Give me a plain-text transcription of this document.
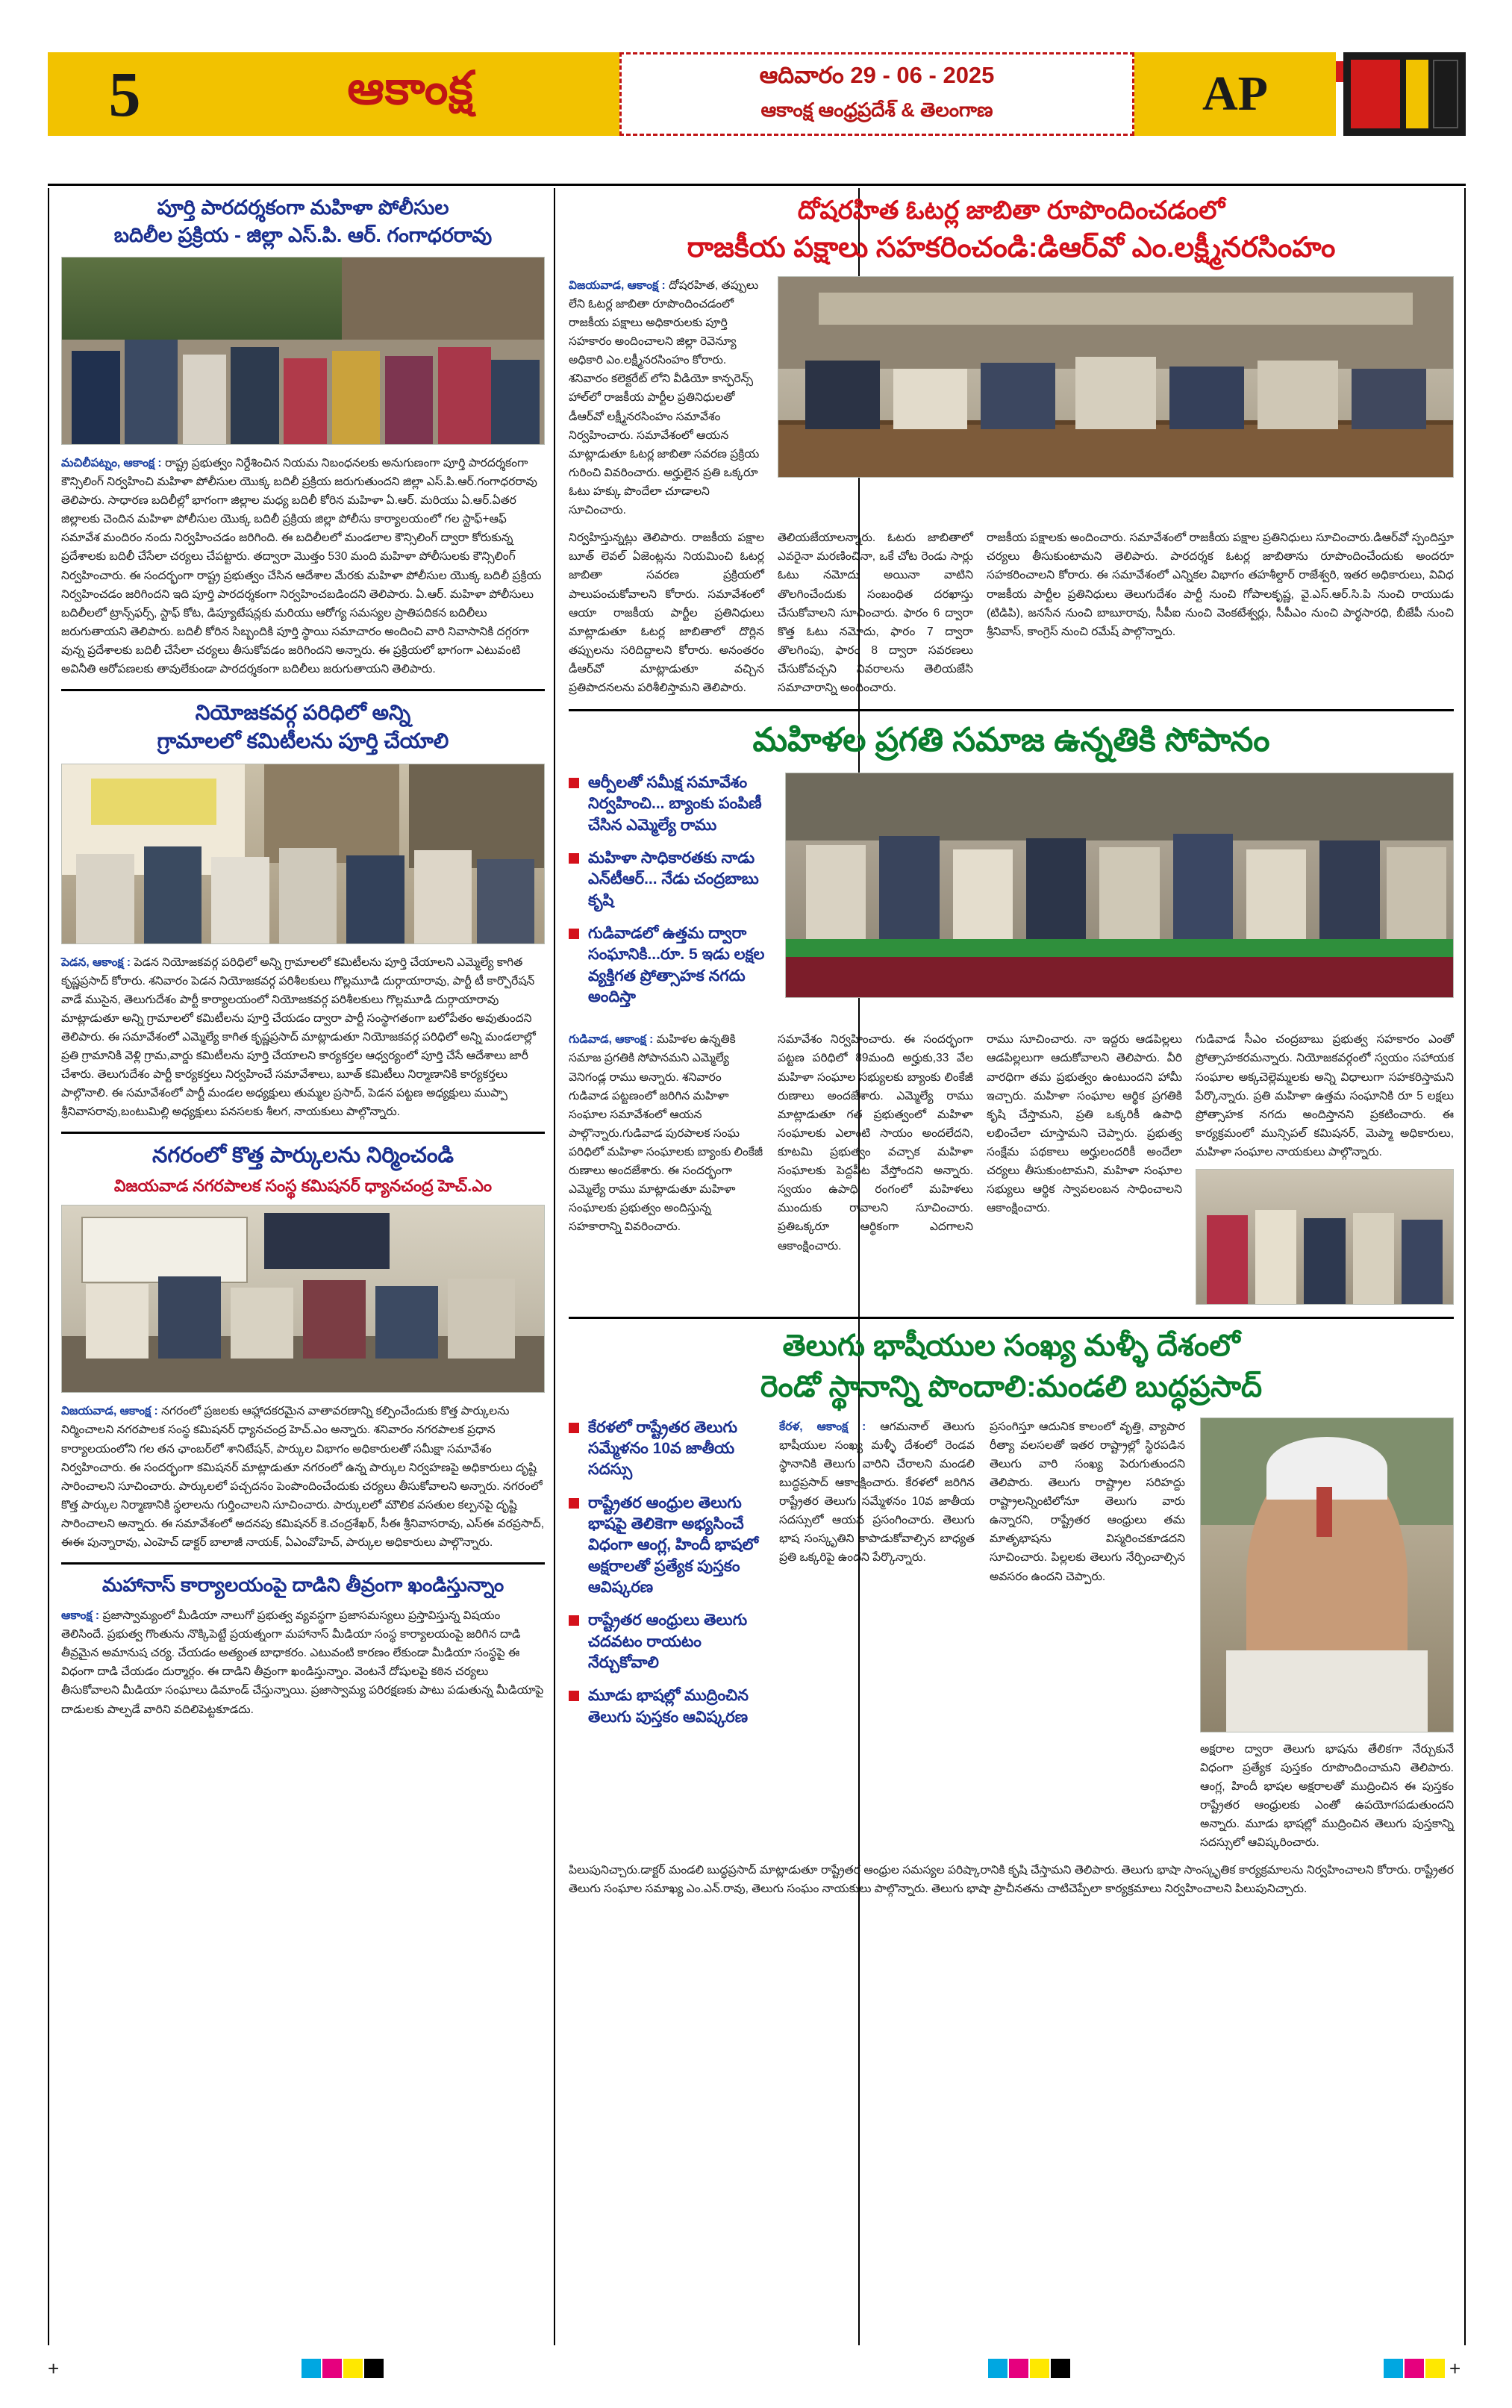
5	ఆకాంక్ష	ఆదివారం 29 - 06 - 2025
ఆకాంక్ష ఆంధ్రప్రదేశ్ & తెలంగాణ	AP
పూర్తి పారదర్శకంగా మహిళా పోలీసుల
బదిలీల ప్రక్రియ - జిల్లా ఎస్‌.పి. ఆర్. గంగాధరరావు
మచిలీపట్నం, ఆకాంక్ష : రాష్ట్ర ప్రభుత్వం నిర్దేశించిన నియమ నిబంధనలకు అనుగుణంగా పూర్తి పారదర్శకంగా కౌన్సిలింగ్ నిర్వహించి మహిళా పోలీసుల యొక్క బదిలీ ప్రక్రియ జరుగుతుందని జిల్లా ఎస్‌.పి.ఆర్.గంగాధరరావు తెలిపారు. సాధారణ బదిలీల్లో భాగంగా జిల్లాల మధ్య బదిలీ కోరిన మహిళా ఏ.ఆర్. మరియు ఏ.ఆర్.ఏతర జిల్లాలకు చెందిన మహిళా పోలీసుల యొక్క బదిలీ ప్రక్రియ జిల్లా పోలీసు కార్యాలయంలో గల స్టాఫ్+ఆఫ్ సమావేశ మందిరం నందు నిర్వహించడం జరిగింది. ఈ బదిలీలలో మండలాల కౌన్సిలింగ్ ద్వారా కోరుకున్న ప్రదేశాలకు బదిలీ చేసేలా చర్యలు చేపట్టారు. తద్వారా మొత్తం 530 మంది మహిళా పోలీసులకు కౌన్సిలింగ్ నిర్వహించారు. ఈ సందర్భంగా రాష్ట్ర ప్రభుత్వం చేసిన ఆదేశాల మేరకు మహిళా పోలీసుల యొక్క బదిలీ ప్రక్రియ నిర్వహించడం జరిగిందని ఇది పూర్తి పారదర్శకంగా నిర్వహించబడిందని తెలిపారు. ఏ.ఆర్. మహిళా పోలీసులు బదిలీలలో ట్రాన్స్‌ఫర్స్, స్టాఫ్‌ కోట, డిప్యూటేషన్లకు మరియు ఆరోగ్య సమస్యల ప్రాతిపదికన బదిలీలు జరుగుతాయని తెలిపారు. బదిలీ కోరిన సిబ్బందికి పూర్తి స్థాయి సమాచారం అందించి వారి నివాసానికి దగ్గరగా వున్న ప్రదేశాలకు బదిలీ చేసేలా చర్యలు తీసుకోవడం జరిగిందని అన్నారు. ఈ ప్రక్రియలో భాగంగా ఎటువంటి అవినీతి ఆరోపణలకు తావులేకుండా పారదర్శకంగా బదిలీలు జరుగుతాయని తెలిపారు.
నియోజకవర్గ పరిధిలో అన్ని
గ్రామాలలో కమిటీలను పూర్తి చేయాలి
పెడన, ఆకాంక్ష : పెడన నియోజకవర్గ పరిధిలో అన్ని గ్రామాలలో కమిటీలను పూర్తి చేయాలని ఎమ్మెల్యే కాగిత కృష్ణప్రసాద్ కోరారు. శనివారం పెడన నియోజకవర్గ పరిశీలకులు గొల్లమూడి దుర్గాయారావు, పార్టీ టీ కార్పొరేషన్ వాడే ముసైన, తెలుగుదేశం పార్టీ కార్యాలయంలో నియోజకవర్గ పరిశీలకులు గొల్లమూడి దుర్గాయారావు మాట్లాడుతూ అన్ని గ్రామాలలో కమిటీలను పూర్తి చేయడం ద్వారా పార్టీ సంస్థాగతంగా బలోపేతం అవుతుందని తెలిపారు. ఈ సమావేశంలో ఎమ్మెల్యే కాగిత కృష్ణప్రసాద్ మాట్లాడుతూ నియోజకవర్గ పరిధిలో అన్ని మండలాల్లో ప్రతి గ్రామానికి వెళ్లి గ్రామ,వార్డు కమిటీలను పూర్తి చేయాలని కార్యకర్తల ఆధ్వర్యంలో పూర్తి చేసే ఆదేశాలు జారీ చేశారు. తెలుగుదేశం పార్టీ కార్యకర్తలు నిర్వహించే సమావేశాలు, బూత్ కమిటీలు నిర్మాణానికి కార్యకర్తలు పాల్గొనాలి. ఈ సమావేశంలో పార్టీ మండల అధ్యక్షులు తుమ్మల ప్రసాద్, పెడన పట్టణ అధ్యక్షులు ముప్పా శ్రీనివాసరావు,బంటుమిల్లి అధ్యక్షులు పనసలకు శీలగ, నాయకులు పాల్గొన్నారు.
నగరంలో కొత్త పార్కులను నిర్మించండి
విజయవాడ నగరపాలక సంస్థ కమిషనర్ ధ్యానచంద్ర హెచ్.ఎం
విజయవాడ, ఆకాంక్ష : నగరంలో ప్రజలకు ఆహ్లాదకరమైన వాతావరణాన్ని కల్పించేందుకు కొత్త పార్కులను నిర్మించాలని నగరపాలక సంస్థ కమిషనర్ ధ్యానచంద్ర హెచ్.ఎం అన్నారు. శనివారం నగరపాలక ప్రధాన కార్యాలయంలోని గల తన ఛాంబర్‌లో శానిటేషన్, పార్కుల విభాగం అధికారులతో సమీక్షా సమావేశం నిర్వహించారు. ఈ సందర్భంగా కమిషనర్ మాట్లాడుతూ నగరంలో ఉన్న పార్కుల నిర్వహణపై అధికారులు దృష్టి సారించాలని సూచించారు. పార్కులలో పచ్చదనం పెంపొందించేందుకు చర్యలు తీసుకోవాలని అన్నారు. నగరంలో కొత్త పార్కుల నిర్మాణానికి స్థలాలను గుర్తించాలని సూచించారు. పార్కులలో మౌలిక వసతుల కల్పనపై దృష్టి సారించాలని అన్నారు. ఈ సమావేశంలో అదనపు కమిషనర్ కె.చంద్రశేఖర్, సీఈ శ్రీనివాసరావు, ఎస్‌ఈ వరప్రసాద్, ఈఈ పున్నారావు, ఎంహెచ్ డాక్టర్ బాలాజీ నాయక్, ఏఎంవోహెచ్, పార్కుల అధికారులు పాల్గొన్నారు.
మహానాస్ కార్యాలయంపై దాడిని తీవ్రంగా ఖండిస్తున్నాం
ఆకాంక్ష : ప్రజాస్వామ్యంలో మీడియా నాలుగో ప్రభుత్వ వ్యవస్థగా ప్రజాసమస్యలు ప్రస్తావిస్తున్న విషయం తెలిసిందే. ప్రభుత్వ గొంతును నొక్కిపెట్టే ప్రయత్నంగా మహానాస్ మీడియా సంస్థ కార్యాలయంపై జరిగిన దాడి తీవ్రమైన అమానుష చర్య. చేయడం అత్యంత బాధాకరం. ఎటువంటి కారణం లేకుండా మీడియా సంస్థపై ఈ విధంగా దాడి చేయడం దుర్మార్గం. ఈ దాడిని తీవ్రంగా ఖండిస్తున్నాం. వెంటనే దోషులపై కఠిన చర్యలు తీసుకోవాలని మీడియా సంఘాలు డిమాండ్ చేస్తున్నాయి. ప్రజాస్వామ్య పరిరక్షణకు పాటు పడుతున్న మీడియాపై దాడులకు పాల్పడే వారిని వదిలిపెట్టకూడదు.
దోషరహిత ఓటర్ల జాబితా రూపొందించడంలో
రాజకీయ పక్షాలు సహకరించండి:డిఆర్‌వో ఎం.లక్ష్మీనరసింహం
విజయవాడ, ఆకాంక్ష : దోషరహిత, తప్పులు లేని ఓటర్ల జాబితా రూపొందించడంలో రాజకీయ పక్షాలు అధికారులకు పూర్తి సహకారం అందించాలని జిల్లా రెవెన్యూ అధికారి ఎం.లక్ష్మీనరసింహం కోరారు. శనివారం కలెక్టరేట్ లోని వీడియో కాన్ఫరెన్స్ హాల్‌లో రాజకీయ పార్టీల ప్రతినిధులతో డీఆర్‌వో లక్ష్మీనరసింహం సమావేశం నిర్వహించారు. సమావేశంలో ఆయన మాట్లాడుతూ ఓటర్ల జాబితా సవరణ ప్రక్రియ గురించి వివరించారు. అర్హులైన ప్రతి ఒక్కరూ ఓటు హక్కు పొందేలా చూడాలని సూచించారు.
నిర్వహిస్తున్నట్లు తెలిపారు. రాజకీయ పక్షాల బూత్ లెవల్ ఏజెంట్లను నియమించి ఓటర్ల జాబితా సవరణ ప్రక్రియలో పాలుపంచుకోవాలని కోరారు. సమావేశంలో ఆయా రాజకీయ పార్టీల ప్రతినిధులు మాట్లాడుతూ ఓటర్ల జాబితాలో దొర్లిన తప్పులను సరిదిద్దాలని కోరారు. అనంతరం డీఆర్‌వో మాట్లాడుతూ వచ్చిన ప్రతిపాదనలను పరిశీలిస్తామని తెలిపారు.
తెలియజేయాలన్నారు. ఓటరు జాబితాలో ఎవరైనా మరణించినా, ఒకే చోట రెండు సార్లు ఓటు నమోదు అయినా వాటిని తొలగించేందుకు సంబంధిత దరఖాస్తు చేసుకోవాలని సూచించారు. ఫారం 6 ద్వారా కొత్త ఓటు నమోదు, ఫారం 7 ద్వారా తొలగింపు, ఫారం 8 ద్వారా సవరణలు చేసుకోవచ్చని వివరాలను తెలియజేసి సమాచారాన్ని అందించారు.
రాజకీయ పక్షాలకు అందించారు. సమావేశంలో రాజకీయ పక్షాల ప్రతినిధులు సూచించారు.డిఆర్‌వో స్పందిస్తూ చర్యలు తీసుకుంటామని తెలిపారు. పారదర్శక ఓటర్ల జాబితాను రూపొందించేందుకు అందరూ సహకరించాలని కోరారు. ఈ సమావేశంలో ఎన్నికల విభాగం తహశీల్దార్ రాజేశ్వరి, ఇతర అధికారులు, వివిధ రాజకీయ పార్టీల ప్రతినిధులు తెలుగుదేశం పార్టీ నుంచి గోపాలకృష్ణ, వై.ఎస్.ఆర్.సి.పి నుంచి రాయుడు (టిడిపి), జనసేన నుంచి బాబూరావు, సీపీఐ నుంచి వెంకటేశ్వర్లు, సీపీఎం నుంచి పార్థసారధి, బీజేపీ నుంచి శ్రీనివాస్, కాంగ్రెస్ నుంచి రమేష్ పాల్గొన్నారు.
మహిళల ప్రగతి సమాజ ఉన్నతికి సోపానం
ఆర్పీలతో సమీక్ష సమావేశం నిర్వహించి... బ్యాంకు పంపిణీ చేసిన ఎమ్మెల్యే రాము
మహిళా సాధికారతకు నాడు ఎన్‌టీఆర్... నేడు చంద్రబాబు కృషి
గుడివాడలో ఉత్తమ ద్వారా సంఘానికి...రూ. 5 ఇడు లక్షల వ్యక్తిగత ప్రోత్సాహక నగదు అందిస్తా
గుడివాడ, ఆకాంక్ష : మహిళల ఉన్నతికి సమాజ ప్రగతికి సోపానమని ఎమ్మెల్యే వెనిగండ్ల రాము అన్నారు. శనివారం గుడివాడ పట్టణంలో జరిగిన మహిళా సంఘాల సమావేశంలో ఆయన పాల్గొన్నారు.గుడివాడ పురపాలక సంఘ పరిధిలో మహిళా సంఘాలకు బ్యాంకు లింకేజీ రుణాలు అందజేశారు. ఈ సందర్భంగా ఎమ్మెల్యే రాము మాట్లాడుతూ మహిళా సంఘాలకు ప్రభుత్వం అందిస్తున్న సహకారాన్ని వివరించారు.
సమావేశం నిర్వహించారు. ఈ సందర్భంగా పట్టణ పరిధిలో 89మంది అర్హుకు,33 వేల మహిళా సంఘాల సభ్యులకు బ్యాంకు లింకేజీ రుణాలు అందజేశారు. ఎమ్మెల్యే రాము మాట్లాడుతూ గత ప్రభుత్వంలో మహిళా సంఘాలకు ఎలాంటి సాయం అందలేదని, కూటమి ప్రభుత్వం వచ్చాక మహిళా సంఘాలకు పెద్దపీట వేస్తోందని అన్నారు. స్వయం ఉపాధి రంగంలో మహిళలు ముందుకు రావాలని సూచించారు. ప్రతిఒక్కరూ ఆర్థికంగా ఎదగాలని ఆకాంక్షించారు.
రాము సూచించారు. నా ఇద్దరు ఆడపిల్లలు ఆడపిల్లలుగా ఆదుకోవాలని తెలిపారు. వీరి వారధిగా తమ ప్రభుత్వం ఉంటుందని హామీ ఇచ్చారు. మహిళా సంఘాల ఆర్థిక ప్రగతికి కృషి చేస్తామని, ప్రతి ఒక్కరికీ ఉపాధి లభించేలా చూస్తామని చెప్పారు. ప్రభుత్వ సంక్షేమ పథకాలు అర్హులందరికీ అందేలా చర్యలు తీసుకుంటామని, మహిళా సంఘాల సభ్యులు ఆర్థిక స్వావలంబన సాధించాలని ఆకాంక్షించారు.
గుడివాడ సీఎం చంద్రబాబు ప్రభుత్వ సహకారం ఎంతో ప్రోత్సాహకరమన్నారు. నియోజకవర్గంలో స్వయం సహాయక సంఘాల అక్కచెల్లెమ్మలకు అన్ని విధాలుగా సహకరిస్తామని పేర్కొన్నారు. ప్రతి మహిళా ఉత్తమ సంఘానికి రూ 5 లక్షలు ప్రోత్సాహక నగదు అందిస్తానని ప్రకటించారు. ఈ కార్యక్రమంలో మున్సిపల్ కమిషనర్, మెప్మా అధికారులు, మహిళా సంఘాల నాయకులు పాల్గొన్నారు.
తెలుగు భాషీయుల సంఖ్య మళ్ళీ దేశంలో
రెండో స్థానాన్ని పొందాలి:మండలి బుద్ధప్రసాద్
కేరళలో రాష్ట్రేతర తెలుగు సమ్మేళనం 10వ జాతీయ సదస్సు
రాష్ట్రేతర ఆంధ్రుల తెలుగు భాషపై తెలికెగా అభ్యసించే విధంగా ఆంగ్ల, హిందీ భాషలో అక్షరాలతో ప్రత్యేక పుస్తకం ఆవిష్కరణ
రాష్ట్రేతర ఆంధ్రులు తెలుగు చదవటం రాయటం నేర్చుకోవాలి
మూడు భాషల్లో ముద్రించిన తెలుగు పుస్తకం ఆవిష్కరణ
కేరళ, ఆకాంక్ష : ఆగమనాల్ తెలుగు భాషీయుల సంఖ్య మళ్ళీ దేశంలో రెండవ స్థానానికి తెలుగు వారిని చేరాలని మండలి బుద్ధప్రసాద్ ఆకాంక్షించారు. కేరళలో జరిగిన రాష్ట్రేతర తెలుగు సమ్మేళనం 10వ జాతీయ సదస్సులో ఆయన ప్రసంగించారు. తెలుగు భాష సంస్కృతిని కాపాడుకోవాల్సిన బాధ్యత ప్రతి ఒక్కరిపై ఉందని పేర్కొన్నారు.
ప్రసంగిస్తూ ఆదునిక కాలంలో వృత్తి, వ్యాపార రీత్యా వలసలతో ఇతర రాష్ట్రాల్లో స్థిరపడిన తెలుగు వారి సంఖ్య పెరుగుతుందని తెలిపారు. తెలుగు రాష్ట్రాల సరిహద్దు రాష్ట్రాలన్నింటిలోనూ తెలుగు వారు ఉన్నారని, రాష్ట్రేతర ఆంధ్రులు తమ మాతృభాషను విస్మరించకూడదని సూచించారు. పిల్లలకు తెలుగు నేర్పించాల్సిన అవసరం ఉందని చెప్పారు.
అక్షరాల ద్వారా తెలుగు భాషను తేలికగా నేర్చుకునే విధంగా ప్రత్యేక పుస్తకం రూపొందించామని తెలిపారు. ఆంగ్ల, హిందీ భాషల అక్షరాలతో ముద్రించిన ఈ పుస్తకం రాష్ట్రేతర ఆంధ్రులకు ఎంతో ఉపయోగపడుతుందని అన్నారు. మూడు భాషల్లో ముద్రించిన తెలుగు పుస్తకాన్ని సదస్సులో ఆవిష్కరించారు.
పిలుపునిచ్చారు.డాక్టర్ మండలి బుద్ధప్రసాద్ మాట్లాడుతూ రాష్ట్రేతర ఆంధ్రుల సమస్యల పరిష్కారానికి కృషి చేస్తామని తెలిపారు. తెలుగు భాషా సాంస్కృతిక కార్యక్రమాలను నిర్వహించాలని కోరారు. రాష్ట్రేతర తెలుగు సంఘాల సమాఖ్య ఎం.ఎన్.రావు, తెలుగు సంఘం నాయకులు పాల్గొన్నారు. తెలుగు భాషా ప్రాచీనతను చాటిచెప్పేలా కార్యక్రమాలు నిర్వహించాలని పిలుపునిచ్చారు.
+	+
